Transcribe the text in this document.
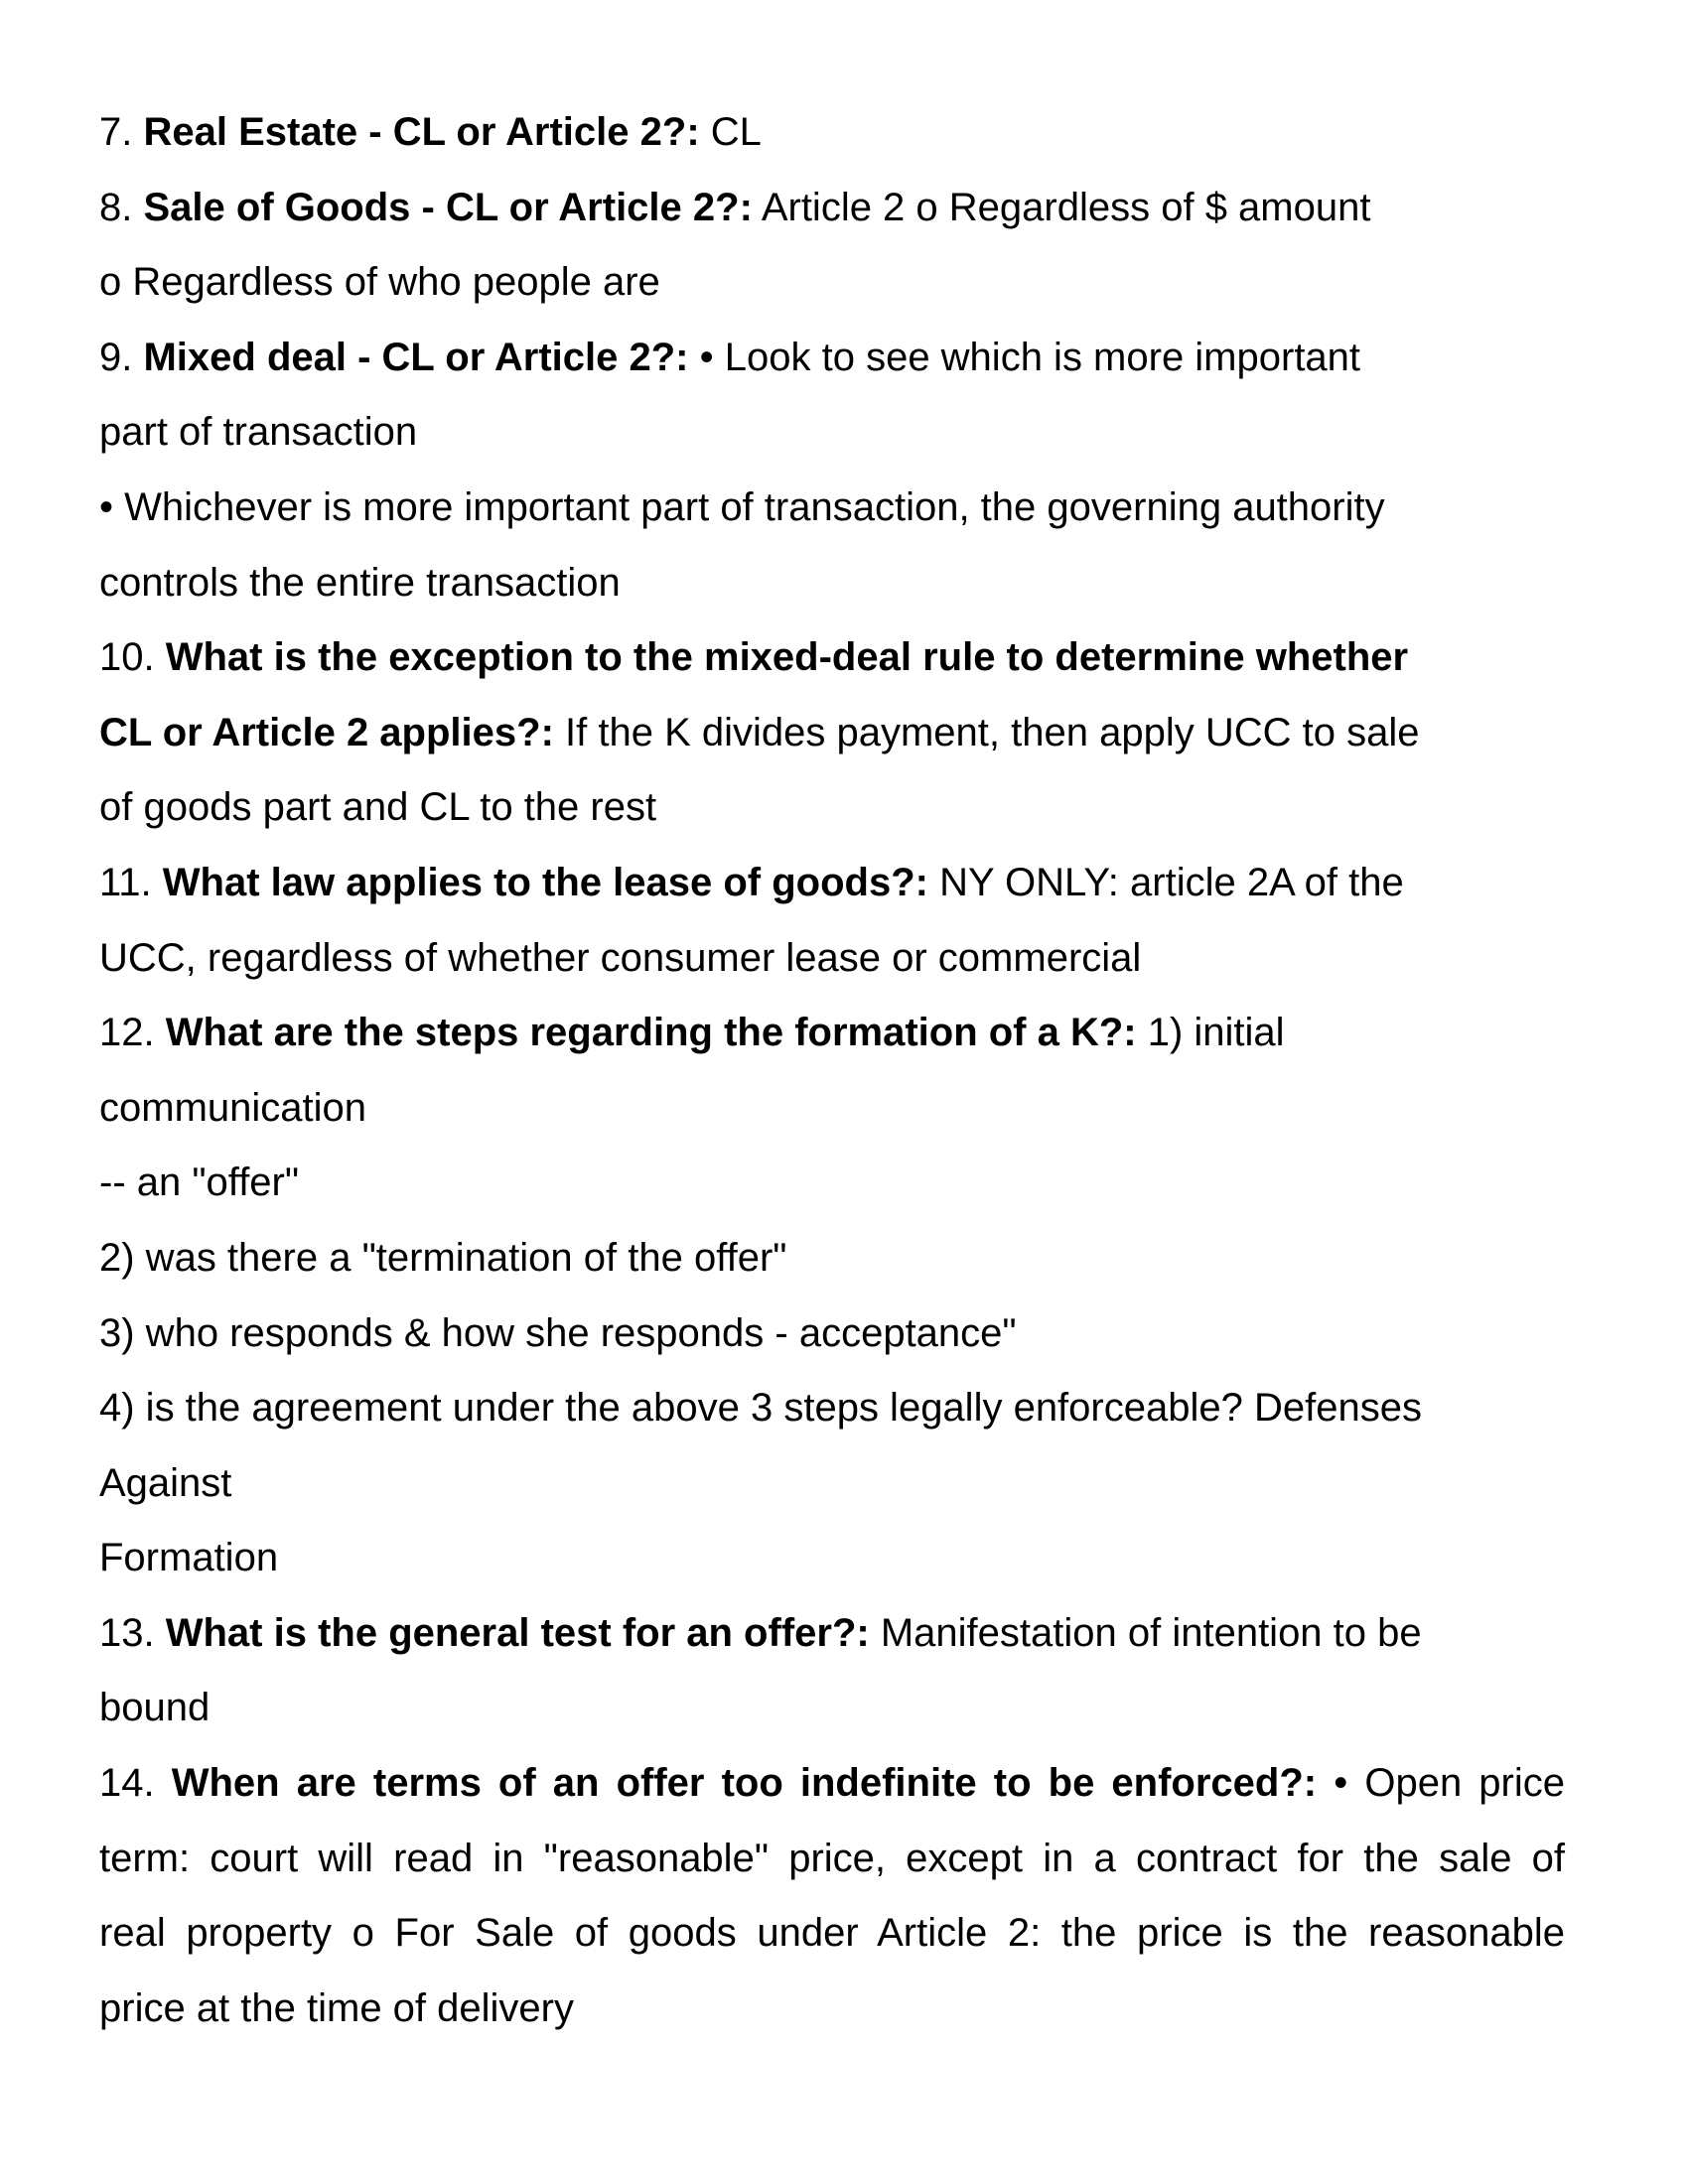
7. Real Estate - CL or Article 2?: CL
8. Sale of Goods - CL or Article 2?: Article 2 o Regardless of $ amount
o Regardless of who people are
9. Mixed deal - CL or Article 2?: • Look to see which is more important
part of transaction
• Whichever is more important part of transaction, the governing authority
controls the entire transaction
10. What is the exception to the mixed-deal rule to determine whether
CL or Article 2 applies?: If the K divides payment, then apply UCC to sale
of goods part and CL to the rest
11. What law applies to the lease of goods?: NY ONLY: article 2A of the
UCC, regardless of whether consumer lease or commercial
12. What are the steps regarding the formation of a K?: 1) initial
communication
-- an "offer"
2) was there a "termination of the offer"
3) who responds & how she responds - acceptance"
4) is the agreement under the above 3 steps legally enforceable? Defenses
Against
Formation
13. What is the general test for an offer?: Manifestation of intention to be
bound
14. When are terms of an offer too indefinite to be enforced?: • Open price
term: court will read in "reasonable" price, except in a contract for the sale of
real property o For Sale of goods under Article 2: the price is the reasonable
price at the time of delivery
